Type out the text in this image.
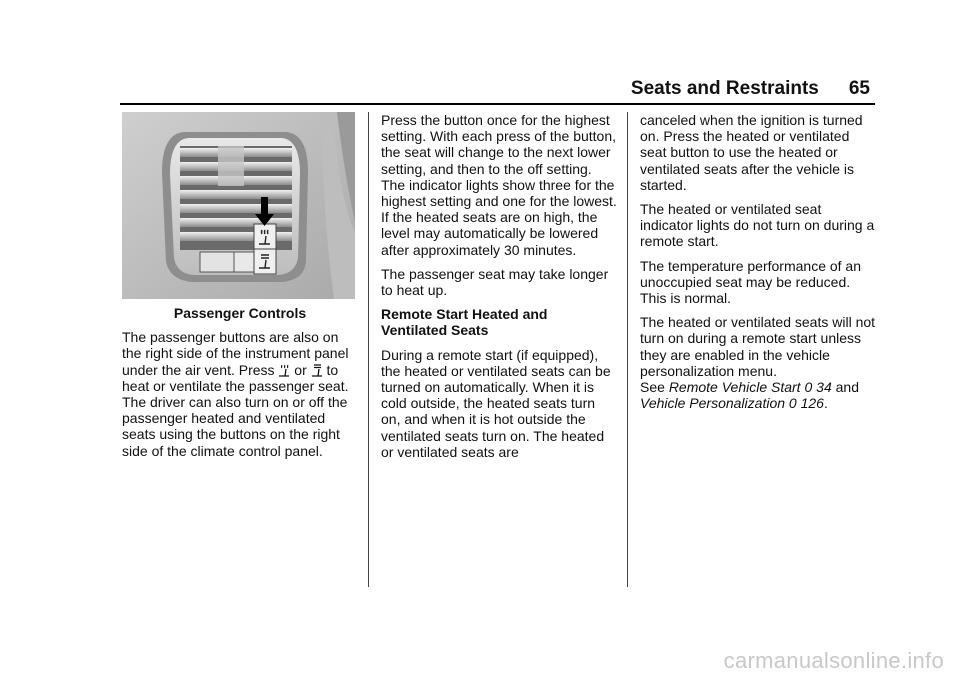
Seats and Restraints 65

Passenger Controls

The passenger buttons are also on the right side of the instrument panel under the air vent. Press  or  to heat or ventilate the passenger seat. The driver can also turn on or off the passenger heated and ventilated seats using the buttons on the right side of the climate control panel.

Press the button once for the highest setting. With each press of the button, the seat will change to the next lower setting, and then to the off setting. The indicator lights show three for the highest setting and one for the lowest. If the heated seats are on high, the level may automatically be lowered after approximately 30 minutes.

The passenger seat may take longer to heat up.

Remote Start Heated and Ventilated Seats

During a remote start (if equipped), the heated or ventilated seats can be turned on automatically. When it is cold outside, the heated seats turn on, and when it is hot outside the ventilated seats turn on. The heated or ventilated seats are

canceled when the ignition is turned on. Press the heated or ventilated seat button to use the heated or ventilated seats after the vehicle is started.

The heated or ventilated seat indicator lights do not turn on during a remote start.

The temperature performance of an unoccupied seat may be reduced. This is normal.

The heated or ventilated seats will not turn on during a remote start unless they are enabled in the vehicle personalization menu.
See Remote Vehicle Start 0 34 and Vehicle Personalization 0 126.

carmanualsonline.info
